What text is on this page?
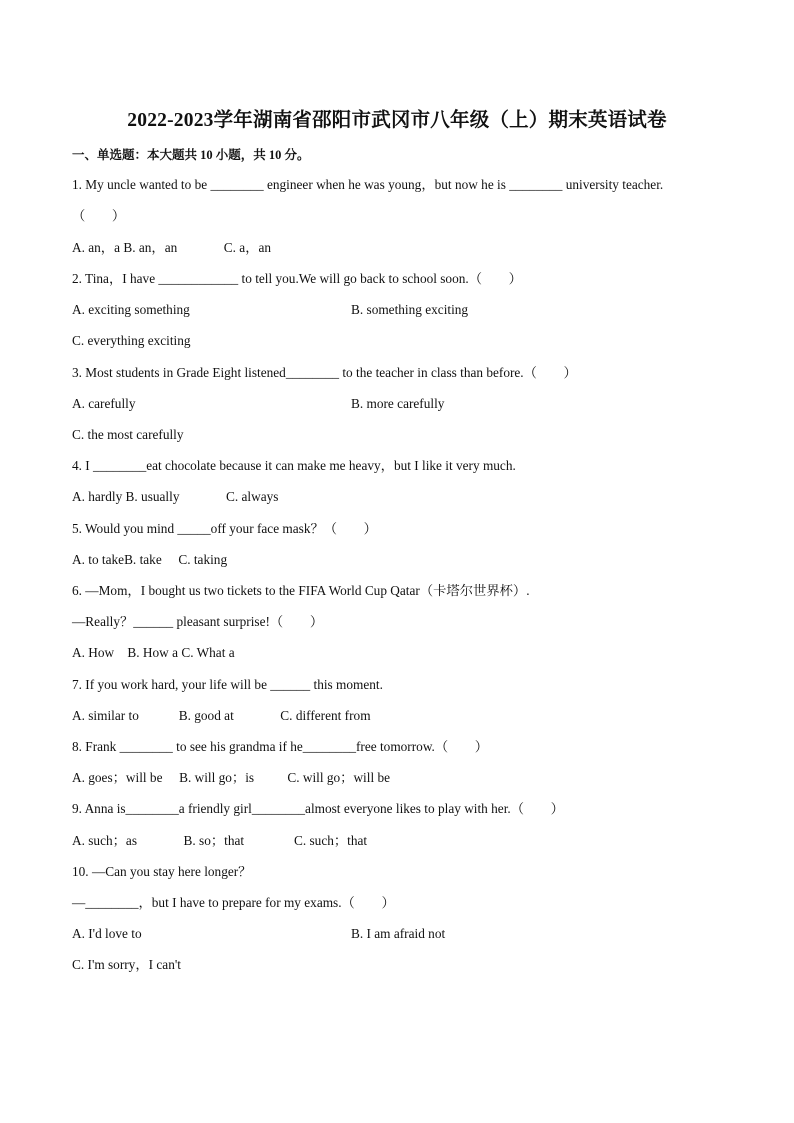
2022-2023学年湖南省邵阳市武冈市八年级（上）期末英语试卷
一、单选题：本大题共 10 小题，共 10 分。
1. My uncle wanted to be ________ engineer when he was young，but now he is ________ university teacher.
（        ）
A. an，a B. an，an              C. a，an
2. Tina，I have ____________ to tell you.We will go back to school soon.（        ）
A. exciting something	B. something exciting
C. everything exciting
3. Most students in Grade Eight listened________ to the teacher in class than before.（        ）
A. carefully	B. more carefully
C. the most carefully
4. I ________eat chocolate because it can make me heavy，but I like it very much.
A. hardly B. usually              C. always
5. Would you mind _____off your face mask？（        ）
A. to takeB. take     C. taking
6. —Mom，I bought us two tickets to the FIFA World Cup Qatar（卡塔尔世界杯）.
—Really？______ pleasant surprise!（        ）
A. How    B. How a C. What a
7. If you work hard, your life will be ______ this moment.
A. similar to            B. good at              C. different from
8. Frank ________ to see his grandma if he________free tomorrow.（        ）
A. goes；will be     B. will go；is          C. will go；will be
9. Anna is________a friendly girl________almost everyone likes to play with her.（        ）
A. such；as              B. so；that               C. such；that
10. —Can you stay here longer？
—________，but I have to prepare for my exams.（        ）
A. I'd love to	B. I am afraid not
C. I'm sorry，I can't
